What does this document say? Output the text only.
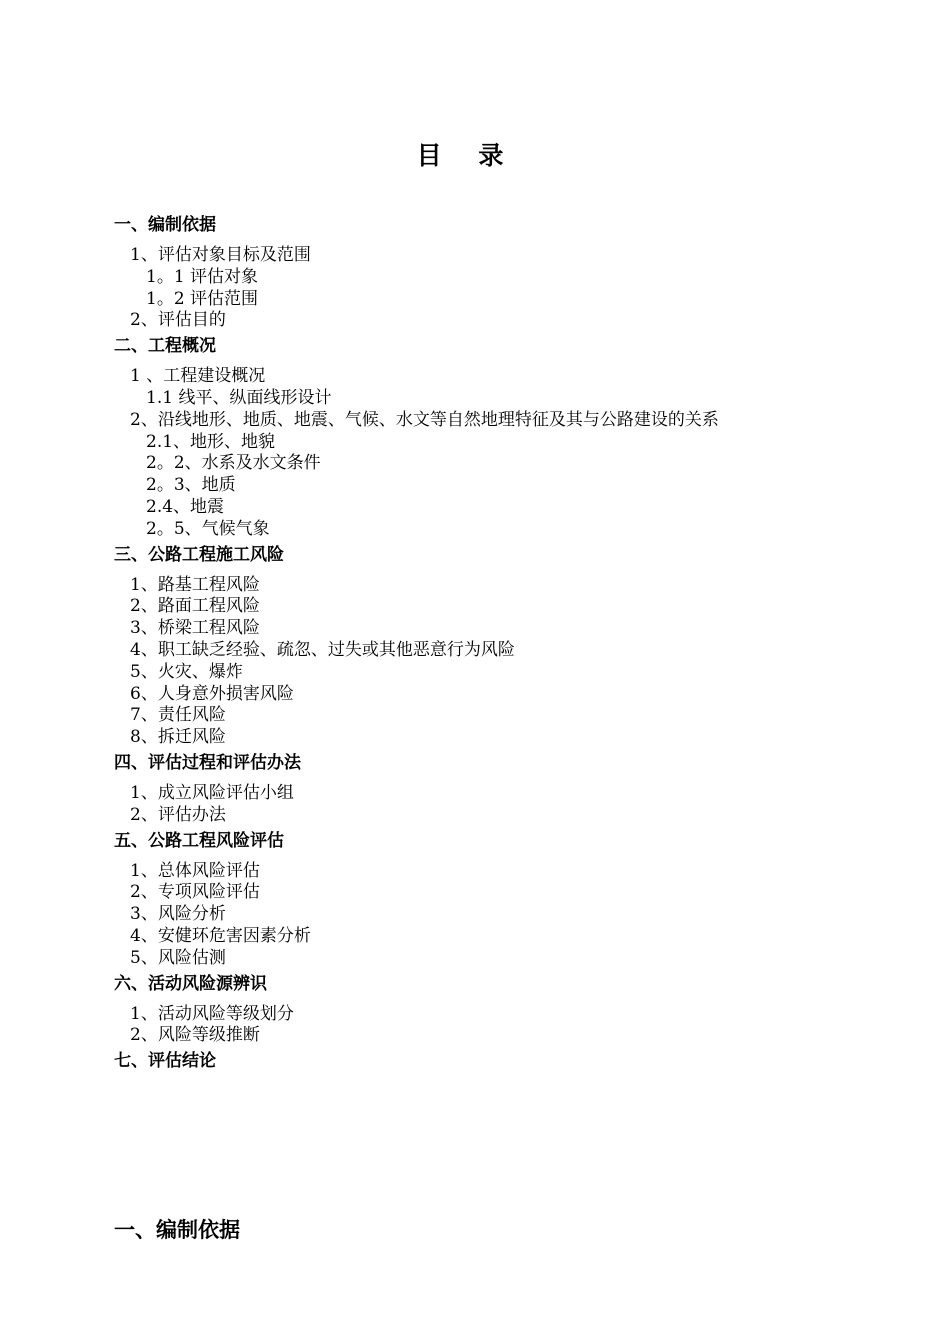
目 录
一、编制依据
1、评估对象目标及范围
1。1 评估对象
1。2 评估范围
2、评估目的
二、工程概况
1 、工程建设概况
1.1 线平、纵面线形设计
2、沿线地形、地质、地震、气候、水文等自然地理特征及其与公路建设的关系
2.1、地形、地貌
2。2、水系及水文条件
2。3、地质
2.4、地震
2。5、气候气象
三、公路工程施工风险
1、路基工程风险
2、路面工程风险
3、桥梁工程风险
4、职工缺乏经验、疏忽、过失或其他恶意行为风险
5、火灾、爆炸
6、人身意外损害风险
7、责任风险
8、拆迁风险
四、评估过程和评估办法
1、成立风险评估小组
2、评估办法
五、公路工程风险评估
1、总体风险评估
2、专项风险评估
3、风险分析
4、安健环危害因素分析
5、风险估测
六、活动风险源辨识
1、活动风险等级划分
2、风险等级推断
七、评估结论
一、编制依据
